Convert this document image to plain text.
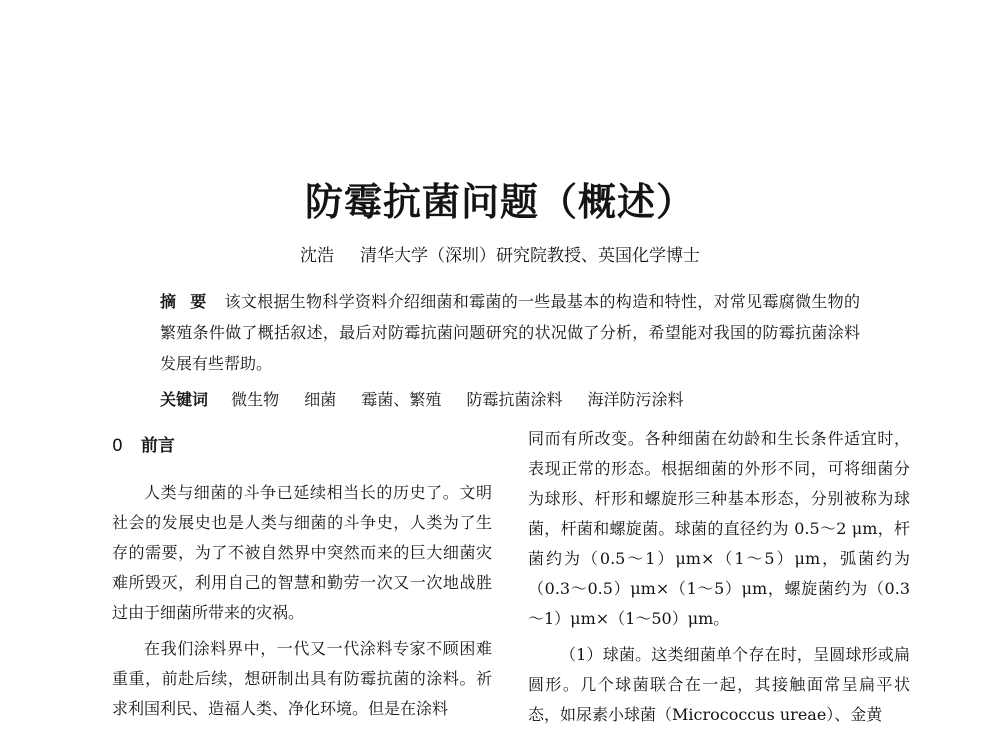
防霉抗菌问题（概述）
沈浩 清华大学（深圳）研究院教授、英国化学博士
摘要 该文根据生物科学资料介绍细菌和霉菌的一些最基本的构造和特性，对常见霉腐微生物的繁殖条件做了概括叙述，最后对防霉抗菌问题研究的状况做了分析，希望能对我国的防霉抗菌涂料发展有些帮助。
关键词 微生物 细菌 霉菌、繁殖 防霉抗菌涂料 海洋防污涂料
0 前言

人类与细菌的斗争已延续相当长的历史了。文明社会的发展史也是人类与细菌的斗争史，人类为了生存的需要，为了不被自然界中突然而来的巨大细菌灾难所毁灭，利用自己的智慧和勤劳一次又一次地战胜过由于细菌所带来的灾祸。

在我们涂料界中，一代又一代涂料专家不顾困难重重，前赴后续，想研制出具有防霉抗菌的涂料。祈求利国利民、造福人类、净化环境。但是在涂料

同而有所改变。各种细菌在幼龄和生长条件适宜时，表现正常的形态。根据细菌的外形不同，可将细菌分为球形、杆形和螺旋形三种基本形态，分别被称为球菌，杆菌和螺旋菌。球菌的直径约为 0.5～2 μm，杆菌约为（0.5～1）μm×（1～5）μm，弧菌约为（0.3～0.5）μm×（1～5）μm，螺旋菌约为（0.3～1）μm×（1～50）μm。

（1）球菌。这类细菌单个存在时，呈圆球形或扁圆形。几个球菌联合在一起，其接触面常呈扁平状态，如尿素小球菌（Micrococcus ureae）、金黄
